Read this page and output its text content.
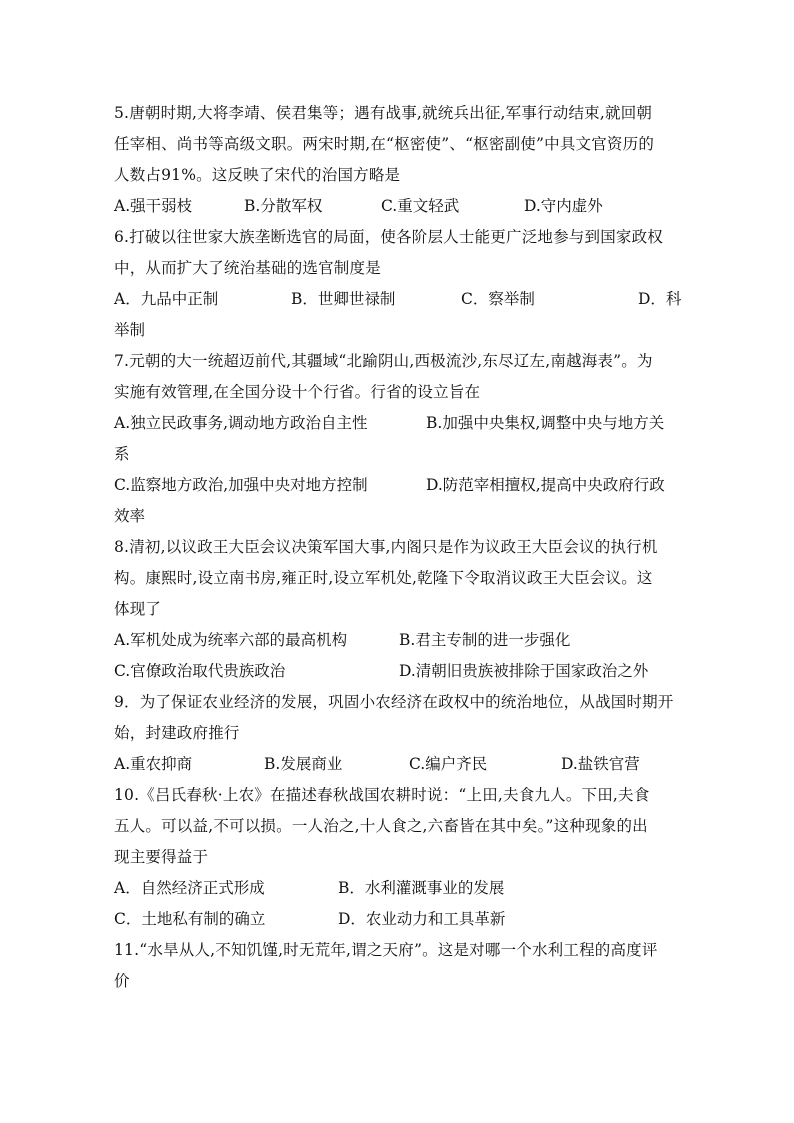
5.唐朝时期,大将李靖、侯君集等；遇有战事,就统兵出征,军事行动结束,就回朝
任宰相、尚书等高级文职。两宋时期,在“枢密使”、“枢密副使”中具文官资历的
人数占91%。这反映了宋代的治国方略是
A.强干弱枝	B.分散军权	C.重文轻武	D.守内虚外
6.打破以往世家大族垄断选官的局面，使各阶层人士能更广泛地参与到国家政权
中，从而扩大了统治基础的选官制度是
A．九品中正制	B．世卿世禄制	C．察举制	D．科
举制
7.元朝的大一统超迈前代,其疆域“北踰阴山,西极流沙,东尽辽左,南越海表”。为
实施有效管理,在全国分设十个行省。行省的设立旨在
A.独立民政事务,调动地方政治自主性	B.加强中央集权,调整中央与地方关
系
C.监察地方政治,加强中央对地方控制	D.防范宰相擅权,提高中央政府行政
效率
8.清初,以议政王大臣会议决策军国大事,内阁只是作为议政王大臣会议的执行机
构。康熙时,设立南书房,雍正时,设立军机处,乾隆下令取消议政王大臣会议。这
体现了
A.军机处成为统率六部的最高机构	B.君主专制的进一步强化
C.官僚政治取代贵族政治	D.清朝旧贵族被排除于国家政治之外
9．为了保证农业经济的发展，巩固小农经济在政权中的统治地位，从战国时期开
始，封建政府推行
A.重农抑商	B.发展商业	C.编户齐民	D.盐铁官营
10.《吕氏春秋·上农》在描述春秋战国农耕时说：“上田,夫食九人。下田,夫食
五人。可以益,不可以损。一人治之,十人食之,六畜皆在其中矣。”这种现象的出
现主要得益于
A．自然经济正式形成	B．水利灌溉事业的发展
C．土地私有制的确立	D．农业动力和工具革新
11.“水旱从人,不知饥馑,时无荒年,谓之天府”。这是对哪一个水利工程的高度评
价
